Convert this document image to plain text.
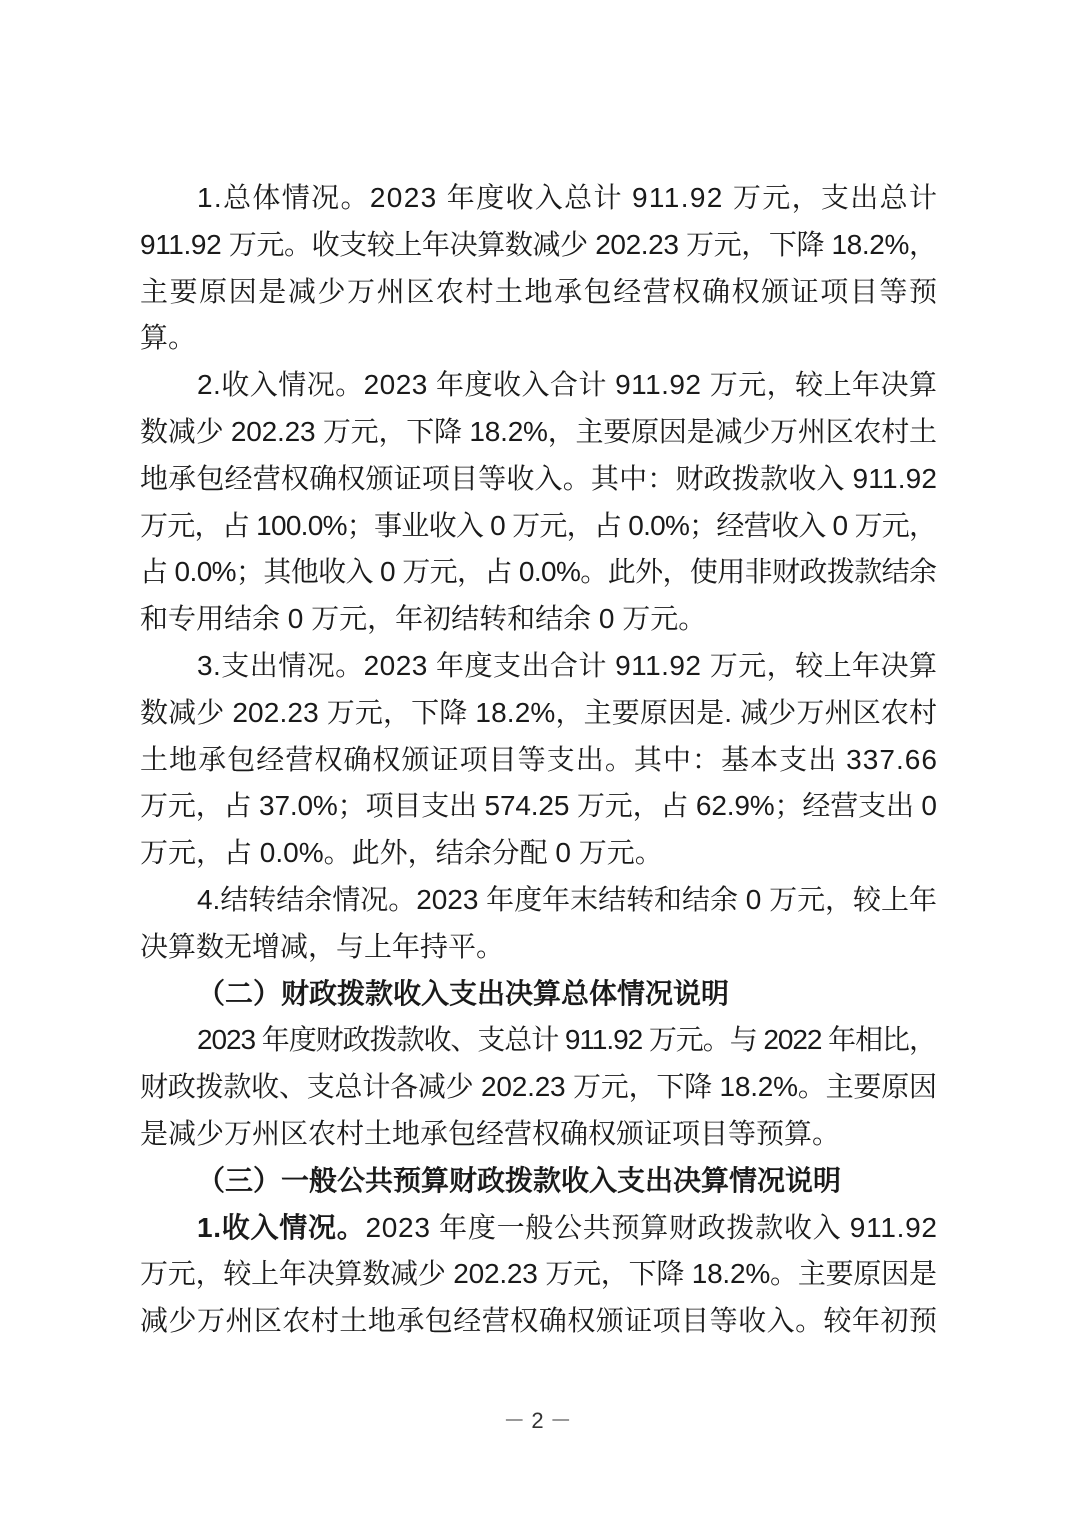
1.总体情况。2023 年度收入总计 911.92 万元，支出总计
911.92 万元。收支较上年决算数减少 202.23 万元，下降 18.2%，
主要原因是减少万州区农村土地承包经营权确权颁证项目等预
算。
2.收入情况。2023 年度收入合计 911.92 万元，较上年决算
数减少 202.23 万元，下降 18.2%，主要原因是减少万州区农村土
地承包经营权确权颁证项目等收入。其中：财政拨款收入 911.92
万元，占 100.0%；事业收入 0 万元，占 0.0%；经营收入 0 万元，
占 0.0%；其他收入 0 万元，占 0.0%。此外，使用非财政拨款结余
和专用结余 0 万元，年初结转和结余 0 万元。
3.支出情况。2023 年度支出合计 911.92 万元，较上年决算
数减少 202.23 万元，下降 18.2%，主要原因是. 减少万州区农村
土地承包经营权确权颁证项目等支出。其中：基本支出 337.66
万元，占 37.0%；项目支出 574.25 万元，占 62.9%；经营支出 0
万元，占 0.0%。此外，结余分配 0 万元。
4.结转结余情况。2023 年度年末结转和结余 0 万元，较上年
决算数无增减，与上年持平。
（二）财政拨款收入支出决算总体情况说明
2023 年度财政拨款收、支总计 911.92 万元。与 2022 年相比，
财政拨款收、支总计各减少 202.23 万元，下降 18.2%。主要原因
是减少万州区农村土地承包经营权确权颁证项目等预算。
（三）一般公共预算财政拨款收入支出决算情况说明
1.收入情况。2023 年度一般公共预算财政拨款收入 911.92
万元，较上年决算数减少 202.23 万元，下降 18.2%。主要原因是
减少万州区农村土地承包经营权确权颁证项目等收入。较年初预
－ 2 －
